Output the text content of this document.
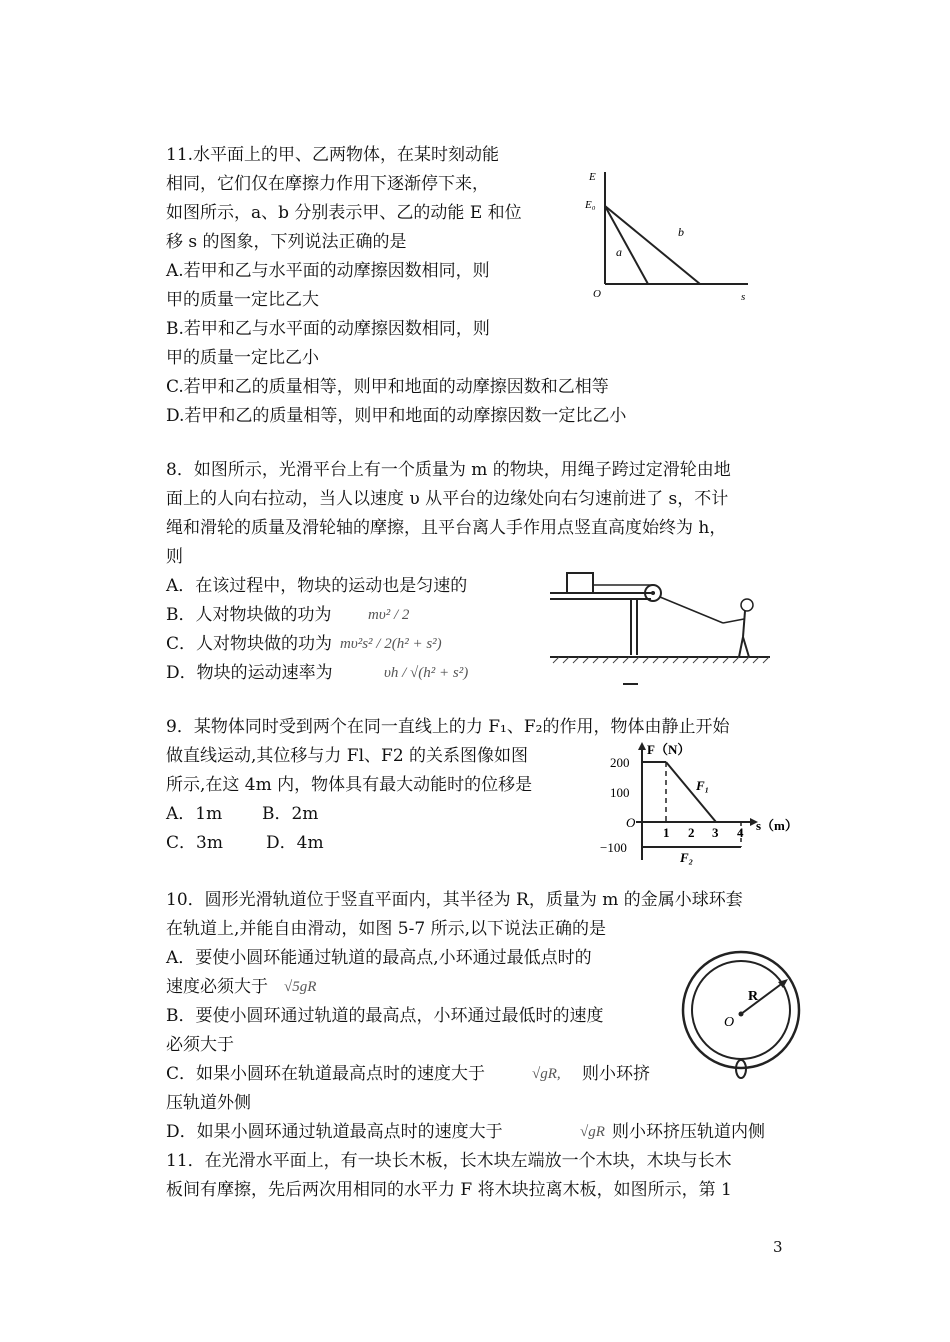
11.水平面上的甲、乙两物体，在某时刻动能
相同，它们仅在摩擦力作用下逐渐停下来，
如图所示，a、b 分别表示甲、乙的动能 E 和位
移 s 的图象，下列说法正确的是
A.若甲和乙与水平面的动摩擦因数相同，则
甲的质量一定比乙大
B.若甲和乙与水平面的动摩擦因数相同，则
甲的质量一定比乙小
C.若甲和乙的质量相等，则甲和地面的动摩擦因数和乙相等
D.若甲和乙的质量相等，则甲和地面的动摩擦因数一定比乙小
E
E₀
b
a
O	s
8．如图所示，光滑平台上有一个质量为 m 的物块，用绳子跨过定滑轮由地
面上的人向右拉动，当人以速度 υ 从平台的边缘处向右匀速前进了 s，不计
绳和滑轮的质量及滑轮轴的摩擦，且平台离人手作用点竖直高度始终为 h，
则
A．在该过程中，物块的运动也是匀速的
B．人对物块做的功为 mυ² / 2
C．人对物块做的功为 mυ²s² / 2(h² + s²)
D．物块的运动速率为	υh / √(h² + s²)
9．某物体同时受到两个在同一直线上的力 F₁、F₂的作用，物体由静止开始
做直线运动,其位移与力 Fl、F2 的关系图像如图
所示,在这 4m 内，物体具有最大动能时的位移是
A．1m B．2m
C．3m	D．4m
F（N）
200
100
O
−100
1 2 3 4 s（m）
F₁
F₂
10．圆形光滑轨道位于竖直平面内，其半径为 R，质量为 m 的金属小球环套
在轨道上,并能自由滑动，如图 5-7 所示,以下说法正确的是
A．要使小圆环能通过轨道的最高点,小环通过最低点时的
速度必须大于 √5gR
B．要使小圆环通过轨道的最高点，小环通过最低时的速度
必须大于
C．如果小圆环在轨道最高点时的速度大于	√gR, 则小环挤
压轨道外侧
D．如果小圆环通过轨道最高点时的速度大于	√gR 则小环挤压轨道内侧
O
R
11．在光滑水平面上，有一块长木板，长木块左端放一个木块，木块与长木
板间有摩擦，先后两次用相同的水平力 F 将木块拉离木板，如图所示，第 1
3
